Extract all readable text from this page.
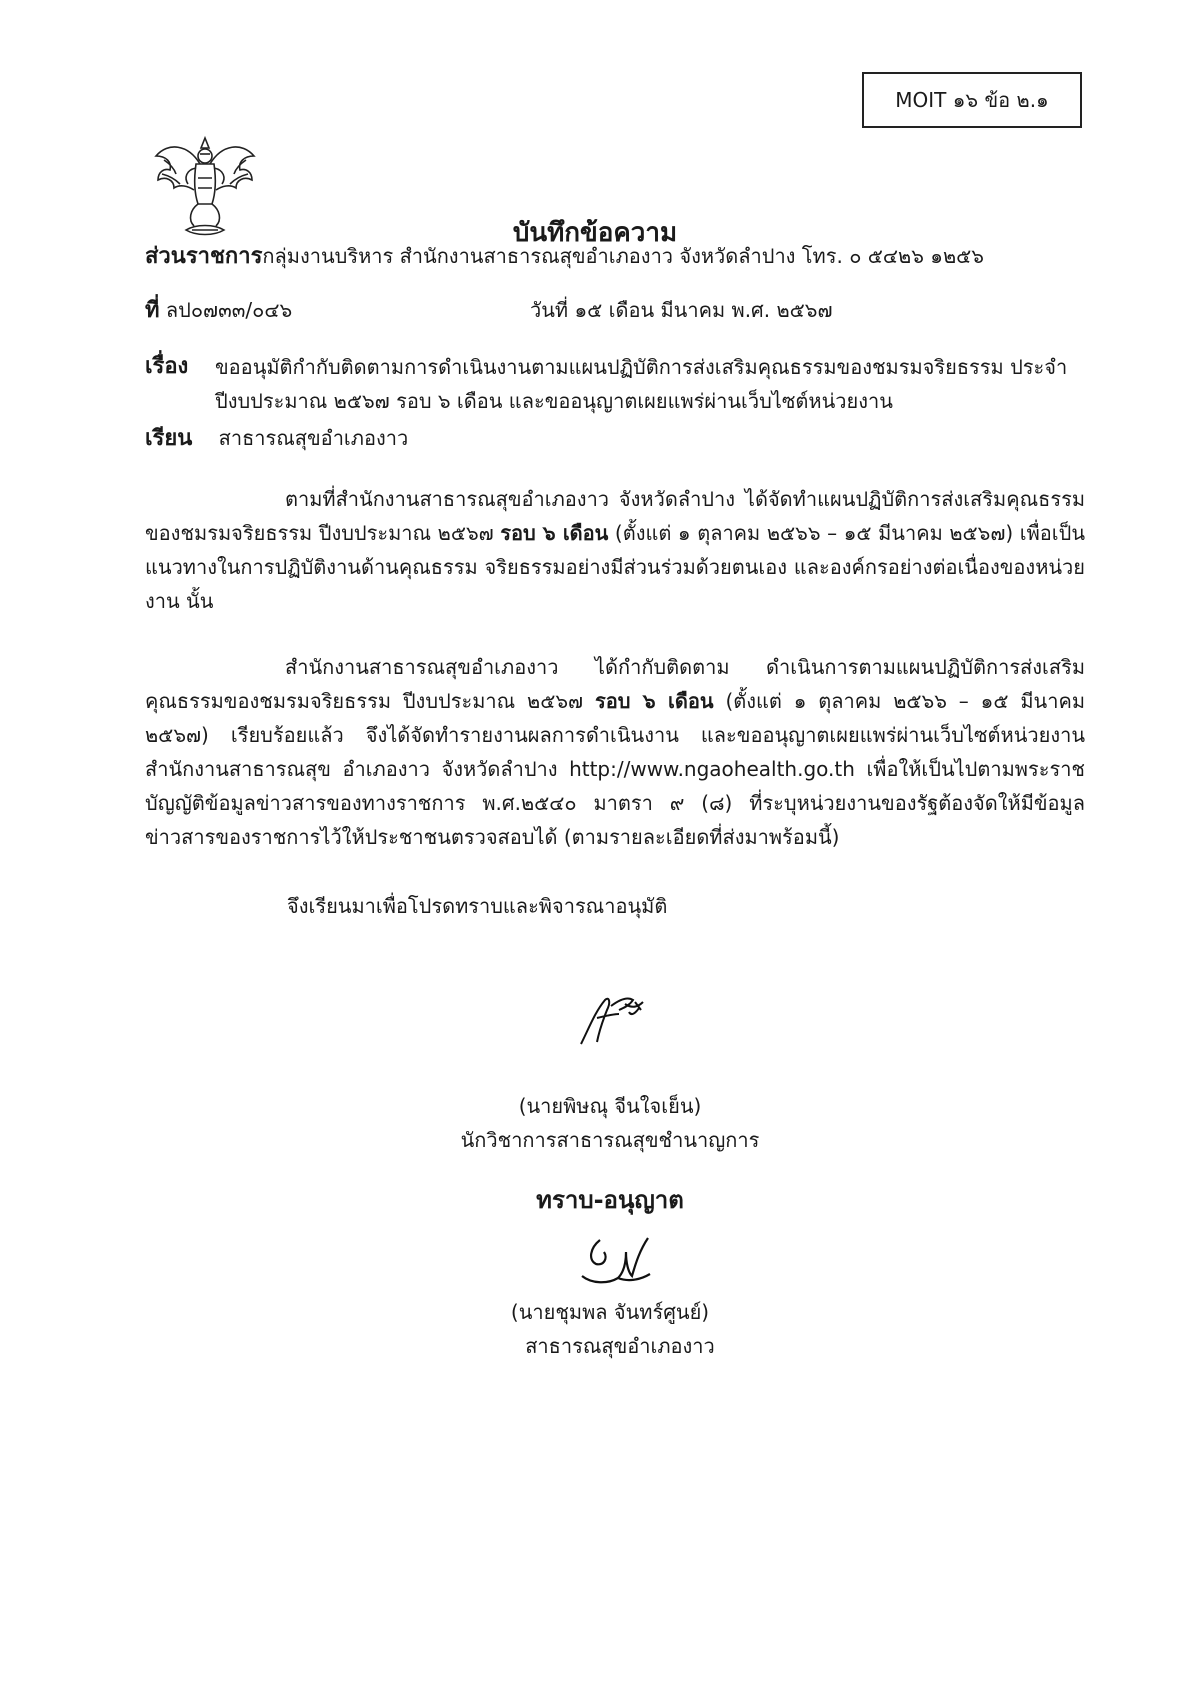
MOIT ๑๖ ข้อ ๒.๑
บันทึกข้อความ
ส่วนราชการกลุ่มงานบริหาร สำนักงานสาธารณสุขอำเภองาว จังหวัดลำปาง โทร. ๐ ๕๔๒๖ ๑๒๕๖
ที่ ลป๐๗๓๓/๐๔๖	วันที่ ๑๕ เดือน มีนาคม พ.ศ. ๒๕๖๗
เรื่อง ขออนุมัติกำกับติดตามการดำเนินงานตามแผนปฏิบัติการส่งเสริมคุณธรรมของชมรมจริยธรรม ประจำปีงบประมาณ ๒๕๖๗ รอบ ๖ เดือน และขออนุญาตเผยแพร่ผ่านเว็บไซต์หน่วยงาน
เรียน สาธารณสุขอำเภองาว
ตามที่สำนักงานสาธารณสุขอำเภองาว จังหวัดลำปาง ได้จัดทำแผนปฏิบัติการส่งเสริมคุณธรรมของชมรมจริยธรรม ปีงบประมาณ ๒๕๖๗ รอบ ๖ เดือน (ตั้งแต่ ๑ ตุลาคม ๒๕๖๖ – ๑๕ มีนาคม ๒๕๖๗) เพื่อเป็นแนวทางในการปฏิบัติงานด้านคุณธรรม จริยธรรมอย่างมีส่วนร่วมด้วยตนเอง และองค์กรอย่างต่อเนื่องของหน่วยงาน นั้น
สำนักงานสาธารณสุขอำเภองาว ได้กำกับติดตาม ดำเนินการตามแผนปฏิบัติการส่งเสริมคุณธรรมของชมรมจริยธรรม ปีงบประมาณ ๒๕๖๗ รอบ ๖ เดือน (ตั้งแต่ ๑ ตุลาคม ๒๕๖๖ – ๑๕ มีนาคม ๒๕๖๗) เรียบร้อยแล้ว จึงได้จัดทำรายงานผลการดำเนินงาน และขออนุญาตเผยแพร่ผ่านเว็บไซต์หน่วยงาน สำนักงานสาธารณสุข อำเภองาว จังหวัดลำปาง http://www.ngaohealth.go.th เพื่อให้เป็นไปตามพระราชบัญญัติข้อมูลข่าวสารของทางราชการ พ.ศ.๒๕๔๐ มาตรา ๙ (๘) ที่ระบุหน่วยงานของรัฐต้องจัดให้มีข้อมูลข่าวสารของราชการไว้ให้ประชาชนตรวจสอบได้ (ตามรายละเอียดที่ส่งมาพร้อมนี้)
จึงเรียนมาเพื่อโปรดทราบและพิจารณาอนุมัติ
(นายพิษณุ จีนใจเย็น)
นักวิชาการสาธารณสุขชำนาญการ
ทราบ-อนุญาต
(นายชุมพล จันทร์ศูนย์)
สาธารณสุขอำเภองาว
